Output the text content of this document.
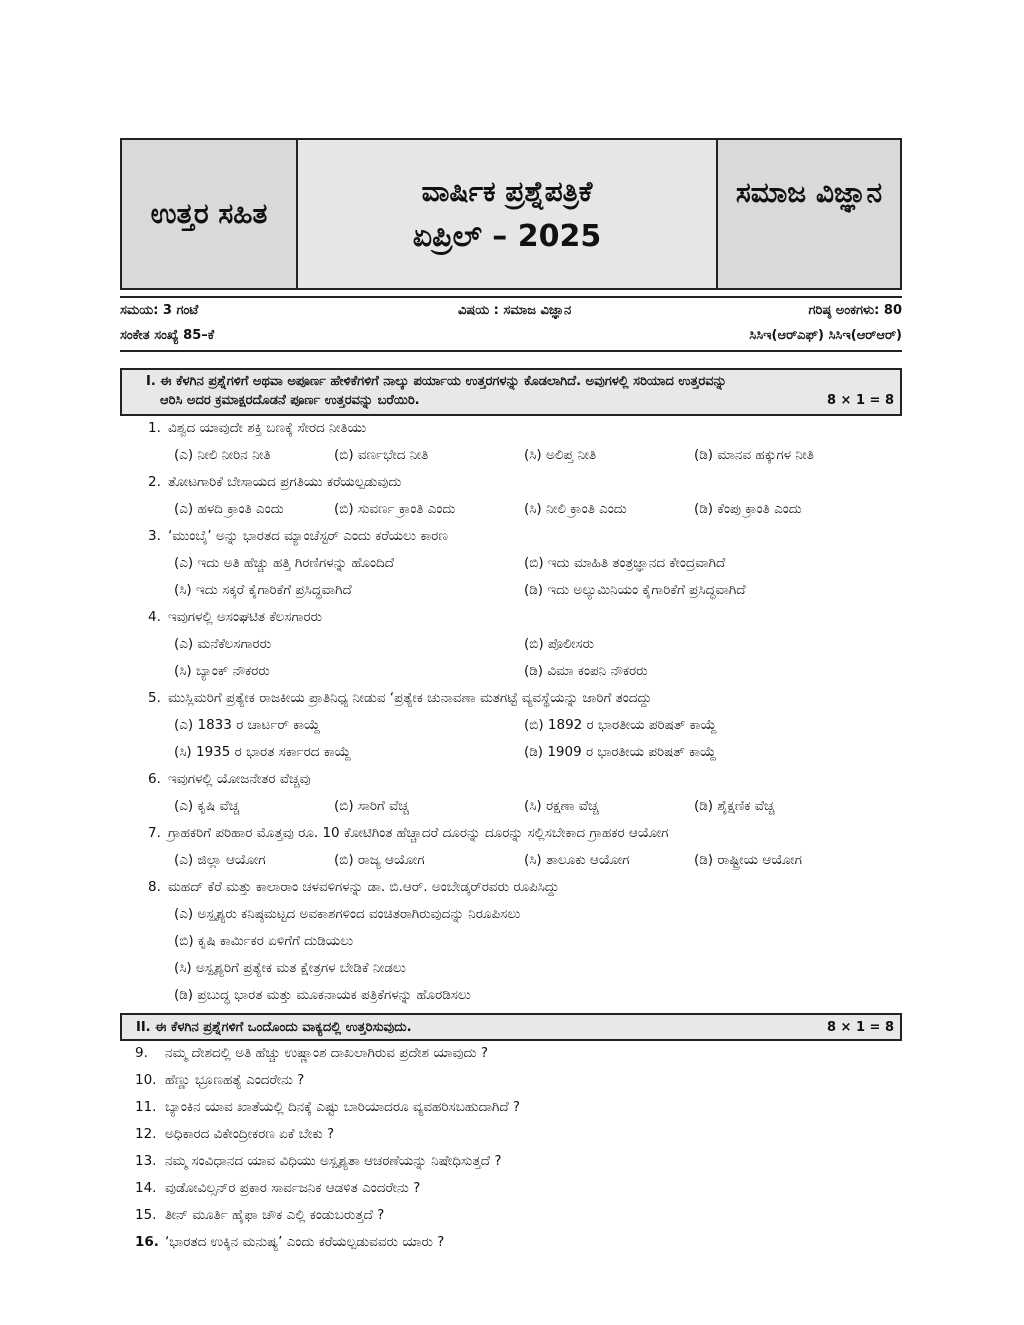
ಉತ್ತರ ಸಹಿತ
ವಾರ್ಷಿಕ ಪ್ರಶ್ನೆಪತ್ರಿಕೆ
ಏಪ್ರಿಲ್ – 2025
ಸಮಾಜ ವಿಜ್ಞಾನ
ಸಮಯ: 3 ಗಂಟೆ	ವಿಷಯ : ಸಮಾಜ ವಿಜ್ಞಾನ	ಗರಿಷ್ಠ ಅಂಕಗಳು: 80
ಸಂಕೇತ ಸಂಖ್ಯೆ 85–ಕೆ	ಸಿಸಿಇ(ಆರ್‌ಎಫ್) ಸಿಸಿಇ(ಆರ್‌ಆರ್)
I. ಈ ಕೆಳಗಿನ ಪ್ರಶ್ನೆಗಳಿಗೆ ಅಥವಾ ಅಪೂರ್ಣ ಹೇಳಿಕೆಗಳಿಗೆ ನಾಲ್ಕು ಪರ್ಯಾಯ ಉತ್ತರಗಳನ್ನು ಕೊಡಲಾಗಿದೆ. ಅವುಗಳಲ್ಲಿ ಸರಿಯಾದ ಉತ್ತರವನ್ನು
ಆರಿಸಿ ಅದರ ಕ್ರಮಾಕ್ಷರದೊಡನೆ ಪೂರ್ಣ ಉತ್ತರವನ್ನು ಬರೆಯಿರಿ.	8 × 1 = 8
1. ವಿಶ್ವದ ಯಾವುದೇ ಶಕ್ತಿ ಬಣಕ್ಕೆ ಸೇರದ ನೀತಿಯು
(ಎ) ನೀಲಿ ನೀರಿನ ನೀತಿ	(ಬಿ) ವರ್ಣಭೇದ ನೀತಿ	(ಸಿ) ಅಲಿಪ್ತ ನೀತಿ	(ಡಿ) ಮಾನವ ಹಕ್ಕುಗಳ ನೀತಿ
2. ತೋಟಗಾರಿಕೆ ಬೇಸಾಯದ ಪ್ರಗತಿಯು ಕರೆಯಲ್ಪಡುವುದು
(ಎ) ಹಳದಿ ಕ್ರಾಂತಿ ಎಂದು	(ಬಿ) ಸುವರ್ಣ ಕ್ರಾಂತಿ ಎಂದು	(ಸಿ) ನೀಲಿ ಕ್ರಾಂತಿ ಎಂದು	(ಡಿ) ಕೆಂಪು ಕ್ರಾಂತಿ ಎಂದು
3. ‘ಮುಂಬೈ’ ಅನ್ನು ಭಾರತದ ಮ್ಯಾಂಚೆಸ್ಟರ್ ಎಂದು ಕರೆಯಲು ಕಾರಣ
(ಎ) ಇದು ಅತಿ ಹೆಚ್ಚು ಹತ್ತಿ ಗಿರಣಿಗಳನ್ನು ಹೊಂದಿದೆ	(ಬಿ) ಇದು ಮಾಹಿತಿ ತಂತ್ರಜ್ಞಾನದ ಕೇಂದ್ರವಾಗಿದೆ
(ಸಿ) ಇದು ಸಕ್ಕರೆ ಕೈಗಾರಿಕೆಗೆ ಪ್ರಸಿದ್ಧವಾಗಿದೆ	(ಡಿ) ಇದು ಅಲ್ಯುಮಿನಿಯಂ ಕೈಗಾರಿಕೆಗೆ ಪ್ರಸಿದ್ಧವಾಗಿದೆ
4. ಇವುಗಳಲ್ಲಿ ಅಸಂಘಟಿತ ಕೆಲಸಗಾರರು
(ಎ) ಮನೆಕೆಲಸಗಾರರು	(ಬಿ) ಪೊಲೀಸರು
(ಸಿ) ಬ್ಯಾಂಕ್ ನೌಕರರು	(ಡಿ) ವಿಮಾ ಕಂಪನಿ ನೌಕರರು
5. ಮುಸ್ಲಿಮರಿಗೆ ಪ್ರತ್ಯೇಕ ರಾಜಕೀಯ ಪ್ರಾತಿನಿಧ್ಯ ನೀಡುವ ‘ಪ್ರತ್ಯೇಕ ಚುನಾವಣಾ ಮತಗಟ್ಟೆ ವ್ಯವಸ್ಥೆಯನ್ನು ಜಾರಿಗೆ ತಂದದ್ದು
(ಎ) 1833 ರ ಚಾರ್ಟರ್ ಕಾಯ್ದೆ	(ಬಿ) 1892 ರ ಭಾರತೀಯ ಪರಿಷತ್ ಕಾಯ್ದೆ
(ಸಿ) 1935 ರ ಭಾರತ ಸರ್ಕಾರದ ಕಾಯ್ದೆ	(ಡಿ) 1909 ರ ಭಾರತೀಯ ಪರಿಷತ್ ಕಾಯ್ದೆ
6. ಇವುಗಳಲ್ಲಿ ಯೋಜನೇತರ ವೆಚ್ಚವು
(ಎ) ಕೃಷಿ ವೆಚ್ಚ	(ಬಿ) ಸಾರಿಗೆ ವೆಚ್ಚ	(ಸಿ) ರಕ್ಷಣಾ ವೆಚ್ಚ	(ಡಿ) ಶೈಕ್ಷಣಿಕ ವೆಚ್ಚ
7. ಗ್ರಾಹಕರಿಗೆ ಪರಿಹಾರ ಮೊತ್ತವು ರೂ. 10 ಕೋಟಿಗಿಂತ ಹೆಚ್ಚಾದರೆ ದೂರನ್ನು ದೂರನ್ನು ಸಲ್ಲಿಸಬೇಕಾದ ಗ್ರಾಹಕರ ಆಯೋಗ
(ಎ) ಜಿಲ್ಲಾ ಆಯೋಗ	(ಬಿ) ರಾಜ್ಯ ಆಯೋಗ	(ಸಿ) ತಾಲೂಕು ಆಯೋಗ	(ಡಿ) ರಾಷ್ಟ್ರೀಯ ಆಯೋಗ
8. ಮಹದ್ ಕೆರೆ ಮತ್ತು ಕಾಲಾರಾಂ ಚಳವಳಿಗಳನ್ನು ಡಾ. ಬಿ.ಆರ್. ಅಂಬೇಡ್ಕರ್‌ರವರು ರೂಪಿಸಿದ್ದು
(ಎ) ಅಸ್ಪೃಶ್ಯರು ಕನಿಷ್ಠಮಟ್ಟದ ಅವಕಾಶಗಳಿಂದ ವಂಚಿತರಾಗಿರುವುದನ್ನು ನಿರೂಪಿಸಲು
(ಬಿ) ಕೃಷಿ ಕಾರ್ಮಿಕರ ಏಳಿಗೆಗೆ ದುಡಿಯಲು
(ಸಿ) ಅಸ್ಪೃಶ್ಯರಿಗೆ ಪ್ರತ್ಯೇಕ ಮತ ಕ್ಷೇತ್ರಗಳ ಬೇಡಿಕೆ ನೀಡಲು
(ಡಿ) ಪ್ರಬುದ್ಧ ಭಾರತ ಮತ್ತು ಮೂಕನಾಯಕ ಪತ್ರಿಕೆಗಳನ್ನು ಹೊರಡಿಸಲು
II. ಈ ಕೆಳಗಿನ ಪ್ರಶ್ನೆಗಳಿಗೆ ಒಂದೊಂದು ವಾಕ್ಯದಲ್ಲಿ ಉತ್ತರಿಸುವುದು.	8 × 1 = 8
9. ನಮ್ಮ ದೇಶದಲ್ಲಿ ಅತಿ ಹೆಚ್ಚು ಉಷ್ಣಾಂಶ ದಾಖಲಾಗಿರುವ ಪ್ರದೇಶ ಯಾವುದು ?
10. ಹೆಣ್ಣು ಭ್ರೂಣಹತ್ಯೆ ಎಂದರೇನು ?
11. ಬ್ಯಾಂಕಿನ ಯಾವ ಖಾತೆಯಲ್ಲಿ ದಿನಕ್ಕೆ ಎಷ್ಟು ಬಾರಿಯಾದರೂ ವ್ಯವಹರಿಸಬಹುದಾಗಿದೆ ?
12. ಅಧಿಕಾರದ ವಿಕೇಂದ್ರೀಕರಣ ಏಕೆ ಬೇಕು ?
13. ನಮ್ಮ ಸಂವಿಧಾನದ ಯಾವ ವಿಧಿಯು ಅಸ್ಪೃಶ್ಯತಾ ಆಚರಣೆಯನ್ನು ನಿಷೇಧಿಸುತ್ತದೆ ?
14. ವುಡೋವಿಲ್ಸನ್‌ರ ಪ್ರಕಾರ ಸಾರ್ವಜನಿಕ ಆಡಳಿತ ಎಂದರೇನು ?
15. ತೀನ್ ಮೂರ್ತಿ ಹೈಫಾ ಚೌಕ ಎಲ್ಲಿ ಕಂಡುಬರುತ್ತದೆ ?
16. ‘ಭಾರತದ ಉಕ್ಕಿನ ಮನುಷ್ಯ’ ಎಂದು ಕರೆಯಲ್ಪಡುವವರು ಯಾರು ?
